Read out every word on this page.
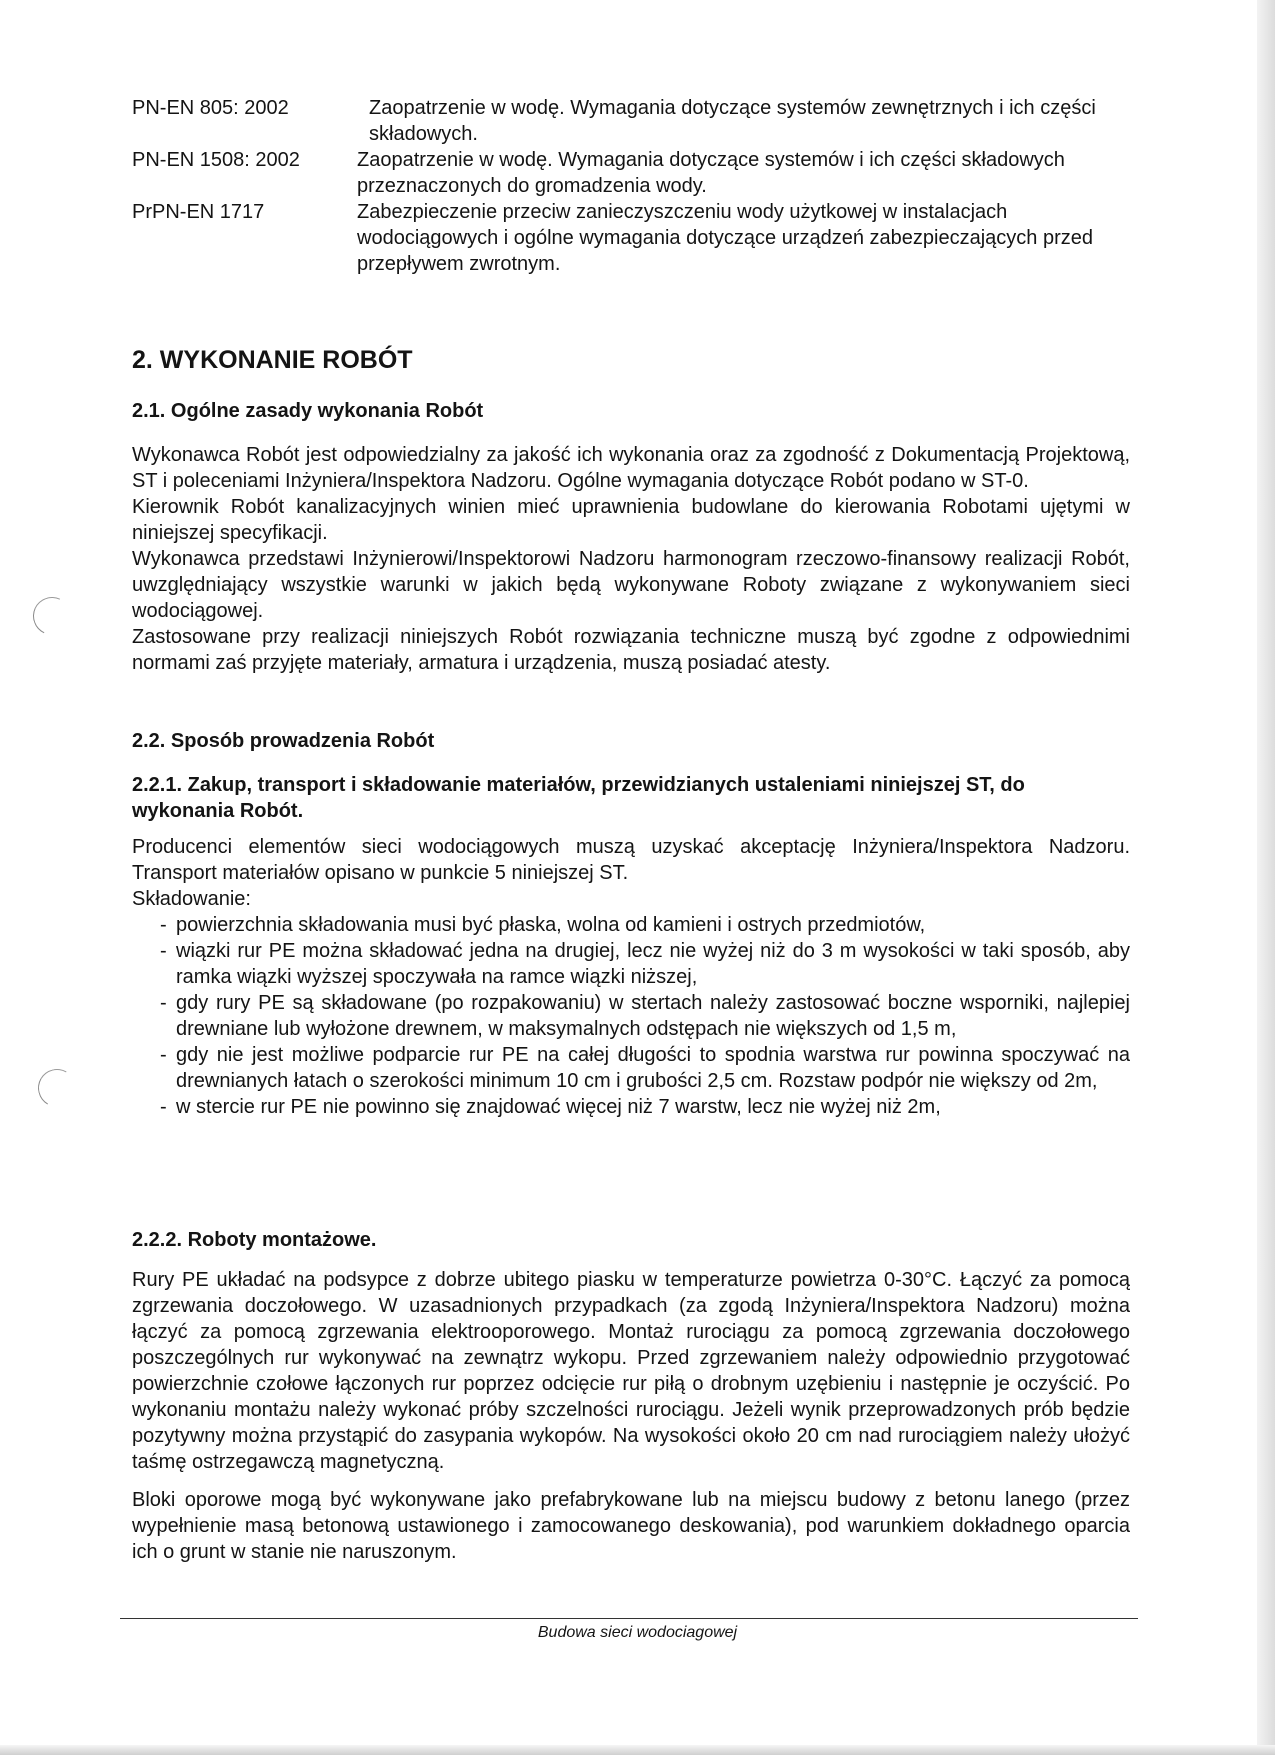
PN-EN 805: 2002	Zaopatrzenie w wodę. Wymagania dotyczące systemów zewnętrznych i ich części składowych.
PN-EN 1508: 2002	Zaopatrzenie w wodę. Wymagania dotyczące systemów i ich części składowych przeznaczonych do gromadzenia wody.
PrPN-EN 1717	Zabezpieczenie przeciw zanieczyszczeniu wody użytkowej w instalacjach wodociągowych i ogólne wymagania dotyczące urządzeń zabezpieczających przed przepływem zwrotnym.
2. WYKONANIE ROBÓT
2.1. Ogólne zasady wykonania Robót

Wykonawca Robót jest odpowiedzialny za jakość ich wykonania oraz za zgodność z Dokumentacją Projektową, ST i poleceniami Inżyniera/Inspektora Nadzoru. Ogólne wymagania dotyczące Robót podano w ST-0.

Kierownik Robót kanalizacyjnych winien mieć uprawnienia budowlane do kierowania Robotami ujętymi w niniejszej specyfikacji.

Wykonawca przedstawi Inżynierowi/Inspektorowi Nadzoru harmonogram rzeczowo-finansowy realizacji Robót, uwzględniający wszystkie warunki w jakich będą wykonywane Roboty związane z wykonywaniem sieci wodociągowej.

Zastosowane przy realizacji niniejszych Robót rozwiązania techniczne muszą być zgodne z odpowiednimi normami zaś przyjęte materiały, armatura i urządzenia, muszą posiadać atesty.

2.2. Sposób prowadzenia Robót
2.2.1. Zakup, transport i składowanie materiałów, przewidzianych ustaleniami niniejszej ST, do wykonania Robót.

Producenci elementów sieci wodociągowych muszą uzyskać akceptację Inżyniera/Inspektora Nadzoru. Transport materiałów opisano w punkcie 5 niniejszej ST.

Składowanie:

- powierzchnia składowania musi być płaska, wolna od kamieni i ostrych przedmiotów,
- wiązki rur PE można składować jedna na drugiej, lecz nie wyżej niż do 3 m wysokości w taki sposób, aby ramka wiązki wyższej spoczywała na ramce wiązki niższej,
- gdy rury PE są składowane (po rozpakowaniu) w stertach należy zastosować boczne wsporniki, najlepiej drewniane lub wyłożone drewnem, w maksymalnych odstępach nie większych od 1,5 m,
- gdy nie jest możliwe podparcie rur PE na całej długości to spodnia warstwa rur powinna spoczywać na drewnianych łatach o szerokości minimum 10 cm i grubości 2,5 cm. Rozstaw podpór nie większy od 2m,
- w stercie rur PE nie powinno się znajdować więcej niż 7 warstw, lecz nie wyżej niż 2m,
2.2.2. Roboty montażowe.

Rury PE układać na podsypce z dobrze ubitego piasku w temperaturze powietrza 0-30°C. Łączyć za pomocą zgrzewania doczołowego. W uzasadnionych przypadkach (za zgodą Inżyniera/Inspektora Nadzoru) można łączyć za pomocą zgrzewania elektrooporowego. Montaż rurociągu za pomocą zgrzewania doczołowego poszczególnych rur wykonywać na zewnątrz wykopu. Przed zgrzewaniem należy odpowiednio przygotować powierzchnie czołowe łączonych rur poprzez odcięcie rur piłą o drobnym uzębieniu i następnie je oczyścić. Po wykonaniu montażu należy wykonać próby szczelności rurociągu. Jeżeli wynik przeprowadzonych prób będzie pozytywny można przystąpić do zasypania wykopów. Na wysokości około 20 cm nad rurociągiem należy ułożyć taśmę ostrzegawczą magnetyczną.

Bloki oporowe mogą być wykonywane jako prefabrykowane lub na miejscu budowy z betonu lanego (przez wypełnienie masą betonową ustawionego i zamocowanego deskowania), pod warunkiem dokładnego oparcia ich o grunt w stanie nie naruszonym.

Budowa sieci wodociagowej
